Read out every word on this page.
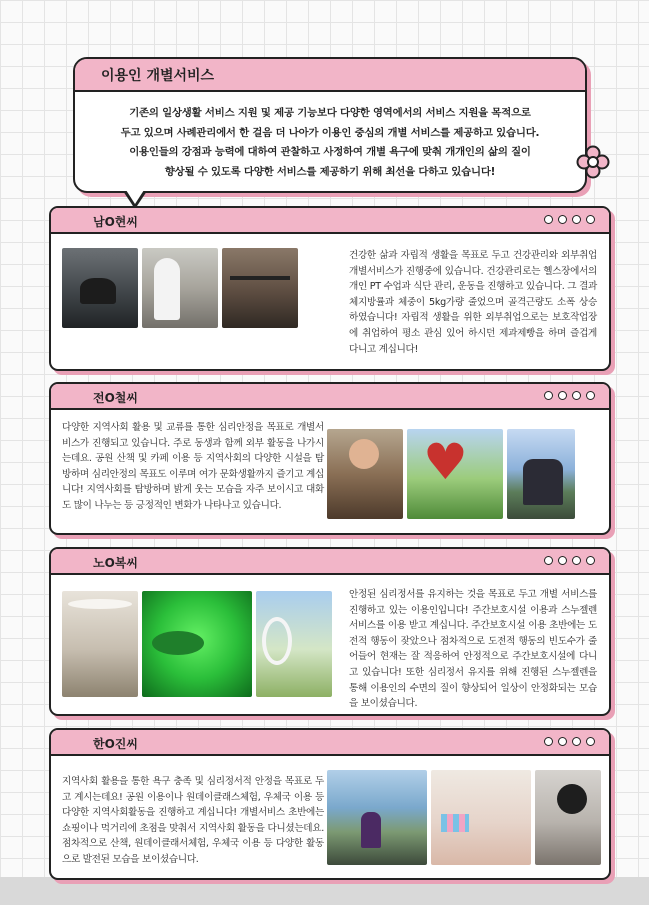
이용인 개별서비스
기존의 일상생활 서비스 지원 및 제공 기능보다 다양한 영역에서의 서비스 지원을 목적으로
두고 있으며 사례관리에서 한 걸음 더 나아가 이용인 중심의 개별 서비스를 제공하고 있습니다.
이용인들의 강점과 능력에 대하여 관찰하고 사정하여 개별 욕구에 맞춰 개개인의 삶의 질이
향상될 수 있도록 다양한 서비스를 제공하기 위해 최선을 다하고 있습니다!
남O현씨

건강한 삶과 자립적 생활을 목표로 두고 건강관리와 외부취업 개별서비스가 진행중에 있습니다. 건강관리로는 헬스장에서의 개인 PT 수업과 식단 관리, 운동을 진행하고 있습니다. 그 결과 체지방률과 체중이 5kg가량 줄었으며 골격근량도 소폭 상승하였습니다! 자립적 생활을 위한 외부취업으로는 보호작업장에 취업하여 평소 관심 있어 하시던 제과제빵을 하며 즐겁게 다니고 계십니다!

전O철씨

다양한 지역사회 활용 및 교류를 통한 심리안정을 목표로 개별서비스가 진행되고 있습니다. 주로 동생과 함께 외부 활동을 나가시는데요. 공원 산책 및 카페 이용 등 지역사회의 다양한 시설을 탐방하며 심리안정의 목표도 이루며 여가 문화생활까지 즐기고 계십니다! 지역사회를 탐방하며 밝게 웃는 모습을 자주 보이시고 대화도 많이 나누는 등 긍정적인 변화가 나타나고 있습니다.

♥
노O복씨

안정된 심리정서를 유지하는 것을 목표로 두고 개별 서비스를 진행하고 있는 이용인입니다! 주간보호시설 이용과 스누젤렌 서비스를 이용 받고 계십니다. 주간보호시설 이용 초반에는 도전적 행동이 잦았으나 점차적으로 도전적 행동의 빈도수가 줄어들어 현재는 잘 적응하여 안정적으로 주간보호시설에 다니고 있습니다! 또한 심리정서 유지를 위해 진행된 스누젤렌을 통해 이용인의 수면의 질이 향상되어 일상이 안정화되는 모습을 보이셨습니다.

한O진씨

지역사회 활용을 통한 욕구 충족 및 심리정서적 안정을 목표로 두고 계시는데요! 공원 이용이나 원데이클래스체험, 우체국 이용 등 다양한 지역사회활동을 진행하고 계십니다! 개별서비스 초반에는 쇼핑이나 먹거리에 초점을 맞춰서 지역사회 활동을 다니셨는데요. 점차적으로 산책, 원데이클래서체험, 우체국 이용 등 다양한 활동으로 발전된 모습을 보이셨습니다.
